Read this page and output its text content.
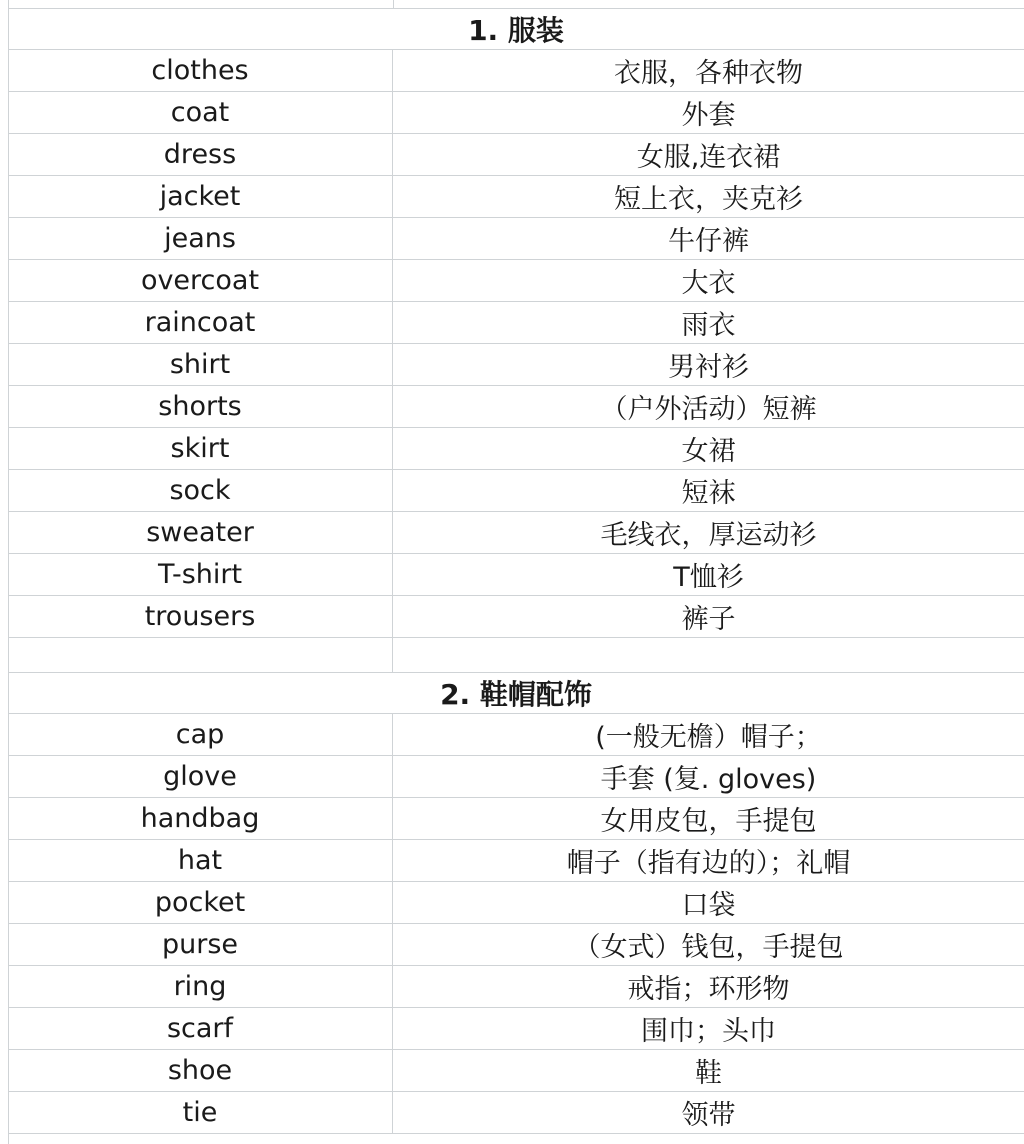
1. 服装
clothes	衣服，各种衣物
coat	外套
dress	女服,连衣裙
jacket	短上衣，夹克衫
jeans	牛仔裤
overcoat	大衣
raincoat	雨衣
shirt	男衬衫
shorts	（户外活动）短裤
skirt	女裙
sock	短袜
sweater	毛线衣，厚运动衫
T-shirt	T恤衫
trousers	裤子
2. 鞋帽配饰
cap	(一般无檐）帽子；
glove	手套 (复. gloves)
handbag	女用皮包，手提包
hat	帽子（指有边的）；礼帽
pocket	口袋
purse	（女式）钱包，手提包
ring	戒指；环形物
scarf	围巾；头巾
shoe	鞋
tie	领带
